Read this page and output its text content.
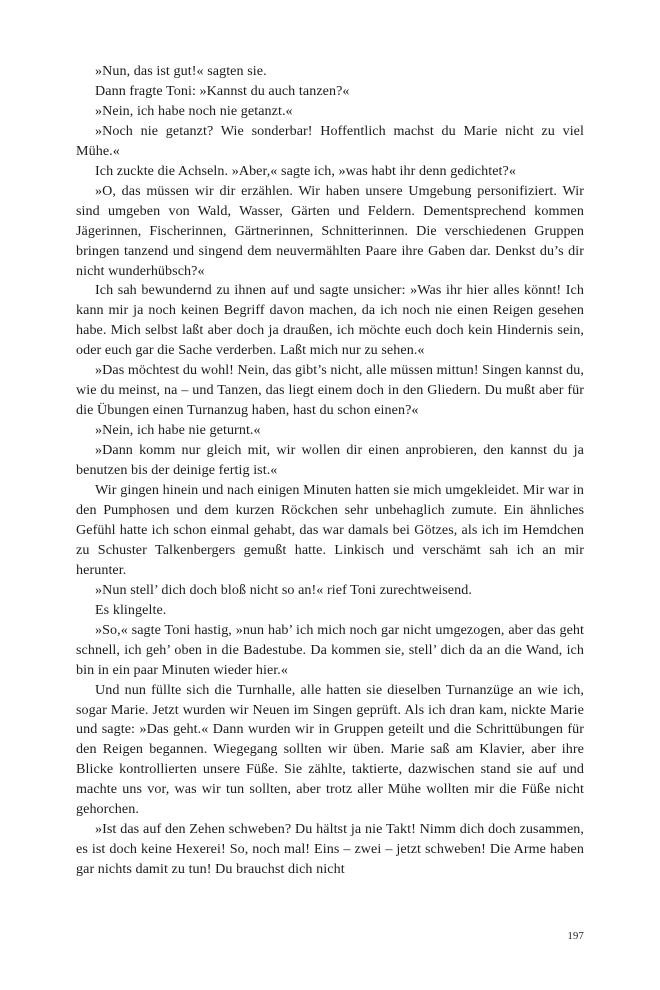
»Nun, das ist gut!« sagten sie.

Dann fragte Toni: »Kannst du auch tanzen?«

»Nein, ich habe noch nie getanzt.«

»Noch nie getanzt? Wie sonderbar! Hoffentlich machst du Marie nicht zu viel Mühe.«

Ich zuckte die Achseln. »Aber,« sagte ich, »was habt ihr denn gedichtet?«

»O, das müssen wir dir erzählen. Wir haben unsere Umgebung personifiziert. Wir sind umgeben von Wald, Wasser, Gärten und Feldern. Dementsprechend kommen Jägerinnen, Fischerinnen, Gärtnerinnen, Schnitterinnen. Die verschiedenen Gruppen bringen tanzend und singend dem neuvermählten Paare ihre Gaben dar. Denkst du’s dir nicht wunderhübsch?«

Ich sah bewundernd zu ihnen auf und sagte unsicher: »Was ihr hier alles könnt! Ich kann mir ja noch keinen Begriff davon machen, da ich noch nie einen Reigen gesehen habe. Mich selbst laßt aber doch ja draußen, ich möchte euch doch kein Hindernis sein, oder euch gar die Sache verderben. Laßt mich nur zu sehen.«

»Das möchtest du wohl! Nein, das gibt’s nicht, alle müssen mittun! Singen kannst du, wie du meinst, na – und Tanzen, das liegt einem doch in den Gliedern. Du mußt aber für die Übungen einen Turnanzug haben, hast du schon einen?«

»Nein, ich habe nie geturnt.«

»Dann komm nur gleich mit, wir wollen dir einen anprobieren, den kannst du ja benutzen bis der deinige fertig ist.«

Wir gingen hinein und nach einigen Minuten hatten sie mich umgekleidet. Mir war in den Pumphosen und dem kurzen Röckchen sehr unbehaglich zumute. Ein ähnliches Gefühl hatte ich schon einmal gehabt, das war damals bei Götzes, als ich im Hemdchen zu Schuster Talkenbergers gemußt hatte. Linkisch und verschämt sah ich an mir herunter.

»Nun stell’ dich doch bloß nicht so an!« rief Toni zurechtweisend.

Es klingelte.

»So,« sagte Toni hastig, »nun hab’ ich mich noch gar nicht umgezogen, aber das geht schnell, ich geh’ oben in die Badestube. Da kommen sie, stell’ dich da an die Wand, ich bin in ein paar Minuten wieder hier.«

Und nun füllte sich die Turnhalle, alle hatten sie dieselben Turnanzüge an wie ich, sogar Marie. Jetzt wurden wir Neuen im Singen geprüft. Als ich dran kam, nickte Marie und sagte: »Das geht.« Dann wurden wir in Gruppen geteilt und die Schrittübungen für den Reigen begannen. Wiegegang sollten wir üben. Marie saß am Klavier, aber ihre Blicke kontrollierten unsere Füße. Sie zählte, taktierte, dazwischen stand sie auf und machte uns vor, was wir tun sollten, aber trotz aller Mühe wollten mir die Füße nicht gehorchen.

»Ist das auf den Zehen schweben? Du hältst ja nie Takt! Nimm dich doch zusammen, es ist doch keine Hexerei! So, noch mal! Eins – zwei – jetzt schweben! Die Arme haben gar nichts damit zu tun! Du brauchst dich nicht

197
